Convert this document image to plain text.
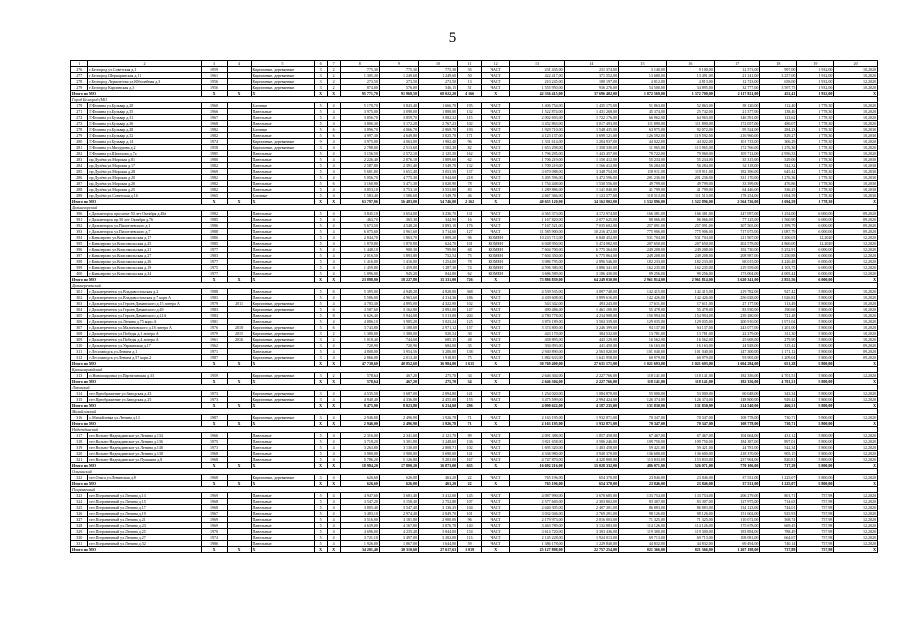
5
1	2	3	4	5	6	7	8	9	10	11	12	13	14	15	16	17	18	19	20
276	г.Белгород ул.Советская д.1	1959		Кирпичные, деревянные	3	2	775,30	775,30	775,30	35	ЧАСТ	231 435,00	231 374,00	3 140,00	9 100,00	12 573,00	997,00	1 932,00	10,2020
277	г.Белгород Шерпаринская д.11	1961		Кирпичные, деревянные	3	2	1 305,30	1 249,60	1 249,60	50	ЧАСТ	422 417,00	371 552,00	13 680,00	13 491,00	21 141,00	3 257,00	1 932,00	10,2020
278	г.Белгород Лермонтова ул.Юбилейная д.3	1956		Кирпичные, деревянные	3	2	273,50	273,50	273,50	13	ЧАСТ	210 245,00	180 197,00	4 812,00	4 813,00	12 723,00	658,00	1 932,00	12,2020
279	г.Белгород Карпинская д.3	1956		Кирпичные, деревянные	3	2	874,00	576,00	546,15	51	ЧАСТ	1 555 950,00	936 276,00	54 500,00	34 895,00	32 777,00	3 597,75	1 932,00	10,2020
Итого по МО		X	X	X	X	X	95 771,70	91 968,50	68 022,20	4 166	X	42 336 415,00	37 696 402,00	1 872 569,00	1 372 700,00	2 117 821,00	452,41	1 932,00	X
Город Белгород (МО																			
179	Г.Фомина ул.Бульвар д.28	1960		Блочные	5	4	5 170,70	3 843,40	1 666,70	195	ЧАСТ	1 406 754,00	1 435 175,00	51 863,00	52 863,00	38 120,00	112,40	1 778,30	10,2020
271	Г.Фомина ул.Бульвар д.35	1966		Панельные	5	4	3 975,00	3 098,00	1 888,80	132	ЧАСТ	1 522 874,00	1 431 268,00	45 374,00	25 742,00	21 577,00	138,40	1 778,30	10,2020
272	Г.Фомина ул.Бульвар д.31	1967		Панельные	5	4	3 856,70	3 859,70	3 082,32	115	ЧАСТ	2 002 693,00	1 722 176,00	66 962,00	64 963,00	146 591,00	123,62	1 778,30	10,2020
273	Г.Фомина ул.Бульвар д.36	1968		Панельные	5	4	3 806,30	3 172,20	2 767,23	102	ЧАСТ	3 452 863,00	3 017 493,00	111 890,00	111 890,00	172 057,00	480,07	1 778,30	10,2020
278	Г.Фомина ул.Бульвар д.28	1982		Блочные	5	6	3 896,70	4 066,70	2 868,70	193	ЧАСТ	1 929 710,00	1 548 435,00	63 975,00	92 072,00	95 524,00	284,23	1 778,30	10,2030
279	Г.Фомина ул.Бульвар д.32	1982		Панельные	5	6	4 997,30	4 649,80	3 825,70	171	ЧАСТ	4 123 137,00	3 699 121,00	126 592,00	119 592,00	216 960,00	829,27	1 778,30	10,2030
280	Г.Фомина ул.Бульвар д.14	1974		Кирпичные, деревянные	9	4	3 975,00	4 063,00	1 982,40	96	ЧАСТ	1 331 614,00	1 204 937,00	44 022,00	44 022,00	101 733,00	306,29	1 778,30	10,2020
281	Г.Фомина ул.Мичурина д.2	1958		Кирпичные, деревянные	3	4	2 788,00	2 513,60	1 502,30	82	ЧАСТ	1 653 298,00	1 358 330,00	11 965,00	113 965,00	172 766,00	1 276,36	1 778,30	10,2020
282	Г.Фомина ул.Шаталова д.7а	1985		Панельные	5	4	3 156,50	2 572,10	2 125,50	162	ЧАСТ	1 796 295,00	1 443 457,00	79 722,00	79 960,00	105 712,00	2 956,33	1 778,30	10,2020
283	пр.Дулёва ул.Морская д.81	1980		Панельные	5	4	2 226,40	2 076,10	1 809,60	62	ЧАСТ	1 706 219,00	1 150 412,00	55 234,00	55 234,00	35 315,00	529,00	1 778,30	10,2030
284	пр.Дулёва ул.Морская д.17	1982		Панельные	5	4	2 587,80	2 391,40	1 549,70	132	ЧАСТ	1 709 219,00	1 166 412,00	56 284,00	56 284,00	32 118,00	542,32	1 778,30	10,2030
285	пр.Дулёва ул.Морская д.28	1969		Панельные	5	4	5 681,80	3 651,40	3 053,50	137	ЧАСТ	3 670 088,00	3 348 754,00	118 911,00	119 911,00	182 396,00	645,44	1 778,30	10,2030
286	пр.Дулёва ул.Морская д.20	1982		Панельные	5	4	5 056,70	4 775,30	3 944,60	218	ЧАСТ	5 495 596,00	3 472 596,00	201 236,00	201 236,00	331 170,00	1 276,36	1 778,30	10,2030
287	пр.Дулёва ул.Морская д.26	1982		Панельные	5	6	3 160,90	3 471,30	3 020,90	78	ЧАСТ	1 754 448,00	1 530 556,00	49 799,00	49 799,00	33 399,00	476,86	1 778,30	10,2030
288	пр.Дулёва ул.Морская д.25	1982		Панельные	5	4	3 853,10	3 753,10	3 553,80	83	ЧАСТ	1 289 886,00	1 141 840,00	41 799,00	41 799,00	64 446,00	336,25	1 778,30	10,2030
289	пр.Дулёва ул.Советская д.16	1965		Блочные	5	4	1 583,40	1 586,60	1 549,70	46	ЧАСТ	2 667 366,00	1 123 577,00	118 513,00	111 513,00	178 254,00	1 694,59	1 778,30	10,2030
Итого по МО		X	X	X	X	X	63 797,06	56 483,00	54 746,00	2 162	X	40 655 120,00	34 162 802,00	1 532 896,00	1 522 896,00	2 564 726,00	1 694,59	1 778,30	X
Дальнегорский																			
396	г.Дальнегорск проспект 50 лет Октября д.48а	1982		Панельные	5	4	3 845,10	3 654,00	3 236,70	131	ЧАСТ	4 565 373,00	4 172 974,00	166 381,00	166 381,00	247 097,00	1 254,00	6 000,00	09.2020
391	г.Дальнегорск пр.50 лет Октября д.76	1985		Панельные	5	4	463,70	365,30	344,90	16	ЧАСТ	1 167 820,00	2 077 625,00	80 066,00	86 066,00	77 125,00	1 560,90	6 000,00	09.2020
392	г.Дальнегорск ул.Пилотчевского д.1	1986		Панельные	5	4	5 673,50	4 548,20	3 893,10	176	ЧАСТ	7 167 521,00	7 035 602,00	257 091,00	257 091,00	307 565,00	1 399,79	6 000,00	09.2020
393	г.Дальнегорск ул.Пилотчевского д.7	1988		Панельные	5	4	6 075,60	3 961,60	3 714,60	127	ЧАСТ	11 585 900,00	10 216 472,00	775 906,00	775 906,00	717 075,00	1 087,79	6 000,00	09.2020
394	г.Кавалерово ул.Комсомольская д.17	1986		Панельные	5	4	2 844,70	1 863,70	1 809,20	96	КОМЕН	10 233 713,00	6 840 452,00	531 704,00	531 704,00	211 907,00	3 206,03	12,2020	12,2020
395	г.Кавалерово ул.Комсомольская д.25	1985		Панельные	5	4	1 870,80	1 870,80	624,70	101	КОМЕН	6 048 950,00	5 474 082,00	207 650,00	207 650,00	202 578,00	4 860,00	12,2020	12,2020
396	г.Кавалерово ул.Комсомольская д.21	1977		Панельные	5	4	1 448,10	900,30	799,80	68	КОМЕН	7 604 700,00	6 775 364,00	249 208,00	249 208,00	192 730,00	5 252,91	6 000,00	12,2020
397	г.Кавалерово ул.Комсомольская д.27	1983		Панельные	5	4	2 016,50	1 893,80	752,54	75	КОМЕН	7 604 350,00	6 775 864,00	249 208,00	249 208,00	208 987,00	5 250,88	6 000,00	12,2020
398	г.Кавалерово ул.Комсомольская д.26	1977		Панельные	5	4	1 416,00	1 416,00	1 254,00	78	КОМЕН	3 086 795,00	2 896 546,00	182 233,00	182 233,00	68 015,00	4 220,48	6 000,00	12,2020
399	г.Кавалерово ул.Комсомольская д.19	1975		Панельные	5	4	1 459,80	1 459,80	1 287,30	74	КОМЕН	4 596 380,00	3 886 341,00	162 235,00	162 235,00	219 559,00	4 103,75	6 000,00	12,2020
400	г.Кавалерово ул.Комсомольская д.24	1977		Панельные	5	4	1 096,00	945,20	844,80	62	КОМЕН	3 686 589,00	3 186 430,00	99 256,00	99 256,00	173 004,00	4 005,44	6 000,00	12,2020
Итого по МО		X	X	X	X	X	23 898,80	18 227,80	15 331,00	726	X	73 886 839,00	64 249 030,00	2 961 814,00	2 961 814,00	3 620 341,00	2 855,56	6 000,00	X
Дальнереченский																			
301	г.Дальнереченск ул.Владивостокская д.2	1988		Панельные	5	6	5 395,00	4 948,20	4 828,00	368	ЧАСТ	4 539 535,00	3 897 748,00	142 415,00	142 415,00	219 782,00	927,42	5 800,00	10,2020
302	г.Дальнереченск ул.Владивостокская д.7 корп.А	1983		Панельные	5	4	5 586,00	4 963,60	4 314,36	186	ЧАСТ	4 439 608,00	3 899 616,00	142 426,00	142 426,00	256 028,00	1 026,82	5 800,00	10,2020
303	г.Дальнереченск ул.Героев Даманского д.15 литера А	1979	2011	Кирпичные, деревянные	5	4	4 783,30	4 895,00	4 322,90	102	ЧАСТ	543 342,00	493 243,00	17 611,00	17 611,00	27 177,00	113,49	5 800,00	10,2020
304	г.Дальнереченск ул.Героев Даманского д.49	1983		Кирпичные, деревянные	5	6	3 587,60	3 162,80	2 892,00	147	ЧАСТ	490 486,00	1 461 100,00	55 478,00	55 478,00	83 930,00	190,66	5 800,00	10,2020
305	г.Дальнереченск ул.Героев Даманского д.21А	1983		Панельные	5	8	6 626,40	5 944,00	5 513,00	204	ЧАСТ	4 780 778,00	4 234 908,00	156 994,00	154 994,00	239 280,00	721,48	5 800,00	10,2020
306	г.Дальнереченск ул.Ленина д.75 корп.А	1981		Панельные	5	4	4 886,10	3 985,20	3 023,24	125	ЧАСТ	3 876 189,00	3 504 339,00	129 035,00	129 035,00	200 910,00	1 071,04	5 800,00	10,2020
307	г.Дальнереченск ул.Малиновского д.18 литера А	1976	2018	Кирпичные, деревянные	5	6	3 743,80	3 180,00	2 971,12	157	ЧАСТ	5 374 800,00	3 246 399,00	94 137,00	94 137,00	243 077,00	1 201,00	5 800,00	10,2020
308	г.Дальнереченск ул.Победы д.1 литера А	1979	2015	Кирпичные, деревянные	3	2	1 380,00	1 380,00	920,54	30	ЧАСТ	443 170,00	384 532,00	13 781,00	13 781,00	22 279,00	311,30	5 800,00	10,2020
309	г.Дальнереченск ул.Победы д.4 литера А	1961	2016	Кирпичные, деревянные	3	2	1 018,40	744,60	685,35	48	ЧАСТ	458 895,00	443 129,00	16 562,00	16 562,00	25 608,00	279,90	5 800,00	10,2020
310	г.Дальнереченск ул.Украинская д.17	1962		Кирпичные, деревянные	3	4	720,90	720,90	684,00	35	ЧАСТ	394 093,00	441 450,00	16 163,00	16 163,00	24 928,00	315,42	5 800,00	09,2020
311	г.Лесозаводск ул.Ленина д.1	1971		Панельные	5	4	4 800,00	3 954,56	3 200,00	138	ЧАСТ	2 940 890,00	2 563 020,00	101 040,00	101 040,00	147 300,00	1 171,12	5 800,00	09,2020
312	г.Лесозаводск ул.Ленина д.57 корп.2	1987		Кирпичные, деревянные	3	4	2 866,00	2 013,40	1 918,85	75	ЧАСТ	1 882 633,00	1 641 958,00	60 979,00	60 979,00	93 905,00	1 209,04	5 800,00	09,2020
Итого по МО		X	X	X	X	X	47 730,60	40 852,60	36 984,00	1 615	X	30 769 400,00	27 631 171,00	1 021 693,00	1 021 693,00	1 604 284,00	651,28	5 800,00	X
Красноармейский																			
313	п.Новопокровка ул.Партизанская д.33	1959		Кирпичные, деревянные	3	2	578,64	467,20	275,70	34	ЧАСТ	2 646 304,00	2 227 766,00	118 141,00	118 141,00	182 356,00	4 701,51	5 800,00	12,2020
Итого по МО		X	X	X	X	X	578,64	467,20	275,70	34	X	2 646 304,00	2 227 766,00	118 141,00	118 141,00	182 356,00	4 701,51	5 800,00	X
Лазовский																			
314	пгт.Преображение ул.Заводская д.23	1973		Кирпичные, деревянные	3	4	4 535,50	3 687,00	2 894,80	141	ЧАСТ	1 254 020,00	1 084 870,00	55 000,00	53 000,00	60 048,00	343,34	5 800,00	12,2020
315	пгт.Преображение ул.Заводская д.25	1973		Кирпичные, деревянные	3	4	4 940,40	4 336,80	2 455,00	155	ЧАСТ	3 475 599,00	2 994 424,00	126 374,00	126 374,00	148 800,00	929,42	5 800,00	12,2020
Итого по МО		X	X	X	X	X	9 475,90	8 023,80	6 214,60	296	X	4 090 622,00	4 187 235,00	131 830,00	131 830,00	214 540,00	466,51	5 800,00	X
Михайловский																			
316	с.Михайловка ул.Ленина д.13	1987		Кирпичные, деревянные	3	4	2 946,00	2 496,90	1 926,78	71	ЧАСТ	2 163 195,00	1 932 871,00	70 347,00	70 347,00	108 778,00	730,71	5 800,00	12,2020
Итого по МО		X	X	X	X	X	2 946,00	2 496,90	1 926,78	71	X	2 163 195,00	1 932 871,00	70 347,00	70 347,00	108 778,00	730,71	5 800,00	X
Надеждинский																			
317	пгт.Вольно-Надеждинское ул.Ленина д.134	1966		Панельные	5	4	2 316,00	2 341,60	2 121,70	89	ЧАСТ	2 091 388,00	1 857 458,00	67 467,00	67 467,00	104 664,00	431,12	5 800,00	12,2020
318	пгт.Вольно-Надеждинское ул.Ленина д.136	1975		Панельные	5	4	3 718,20	3 301,80	3 248,60	136	ЧАСТ	3 821 658,00	3 506 246,00	109 750,00	109 750,00	184 387,00	897,01	5 800,00	12,2020
319	пгт.Вольно-Надеждинское ул.Ленина д.140	1973		Панельные	5	4	3 263,80	3 130,00	2 808,71	102	ЧАСТ	1 695 320,00	1 403 458,00	59 421,00	59 421,00	24 781,00	542,34	5 800,00	12,2020
320	пгт.Вольно-Надеждинское ул.Ленина д.138	1968		Панельные	5	4	3 900,00	3 900,00	3 690,00	141	ЧАСТ	4 336 980,00	3 940 370,00	136 600,00	136 600,00	218 370,00	905,15	5 800,00	12,2020
321	пгт.Вольно-Надеждинское ул.Пушкина д.8	1968		Панельные	5	4	5 786,20	5 126,80	5 203,00	167	ЧАСТ	4 747 870,00	4 320 800,00	113 833,00	153 833,00	237 904,00	820,81	5 800,00	12,2020
Итого по МО		X	X	X	X	X	18 984,20	17 800,20	16 873,00	635	X	16 692 216,00	15 028 332,00	486 071,00	526 071,00	770 106,00	717,29	5 800,00	X
Ольгинский																			
322	пгт.Ольга ул.Ленинская д.8	1968		Кирпичные, деревянные	3	4	626,60	626,00	463,20	22	ЧАСТ	765 196,00	654 370,00	23 846,00	23 846,00	37 531,00	1 225,07	5 800,00	12,2020
Итого по МО		X	X	X	X	X	626,60	626,00	463,20	22	X	765 196,00	654 370,00	23 846,00	23 846,00	37 531,00	1 225,07	5 800,00	X
Пограничный																			
323	пгт.Пограничный ул.Ленина д.13	1969		Панельные	5	4	4 947,60	3 681,40	3 412,00	145	ЧАСТ	4 087 990,00	3 670 685,00	133 754,00	133 754,00	206 279,00	801,71	757,98	12,2020
324	пгт.Пограничный ул.Ленина д.15	1968		Панельные	5	4	3 547,20	3 158,40	2 752,80	107	ЧАСТ	2 577 669,00	2 303 802,00	83 307,00	83 307,00	127 975,00	714,63	757,98	12,2020
325	пгт.Пограничный ул.Ленина д.17	1968		Панельные	5	4	3 805,40	3 547,40	3 136,35	104	ЧАСТ	2 640 305,00	2 407 301,00	86 883,00	86 883,00	134 123,00	744,01	757,98	12,2020
326	пгт.Пограничный ул.Ленина д.19	1967		Панельные	5	4	3 483,10	2 974,40	2 849,70	101	ЧАСТ	3 032 046,00	2 769 291,00	98 126,00	98 126,00	151 602,00	925,93	757,98	12,2020
327	пгт.Пограничный ул.Ленина д.21	1969		Панельные	5	4	3 516,00	3 181,80	2 900,00	96	ЧАСТ	2 179 973,00	2 016 003,00	71 325,00	71 325,00	110 072,00	568,74	757,98	12,2020
328	пгт.Пограничный ул.Ленина д.23	1969		Панельные	5	4	4 639,00	4 167,80	3 876,78	140	ЧАСТ	3 463 789,00	3 132 883,00	114 126,00	114 126,00	175 678,00	669,45	757,98	12,2020
329	пгт.Пограничный ул.Ленина д.25	1970		Панельные	5	4	4 696,00	4 235,40	3 844,00	154	ЧАСТ	3 614 720,00	3 303 436,00	119 300,00	119 300,00	183 894,00	788,49	757,98	12,2020
330	пгт.Пограничный ул.Ленина д.27	1974		Панельные	5	4	3 721,10	3 497,00	3 202,00	113	ЧАСТ	2 145 228,00	1 924 013,00	69 713,00	69 713,00	108 081,00	664,67	757,98	12,2020
331	пгт.Пограничный ул.Ленина д.32	1986		Панельные	5	4	1 926,00	1 867,00	1 644,00	59	ЧАСТ	1 386 178,00	1 229 840,00	44 832,00	44 832,00	69 494,00	740,14	757,98	12,2020
Итого по МО		X	X	X	X	X	34 201,40	30 310,60	27 617,63	1 019	X	25 127 898,00	22 757 254,00	821 366,00	821 366,00	1 267 198,00	737,89	757,98	X
